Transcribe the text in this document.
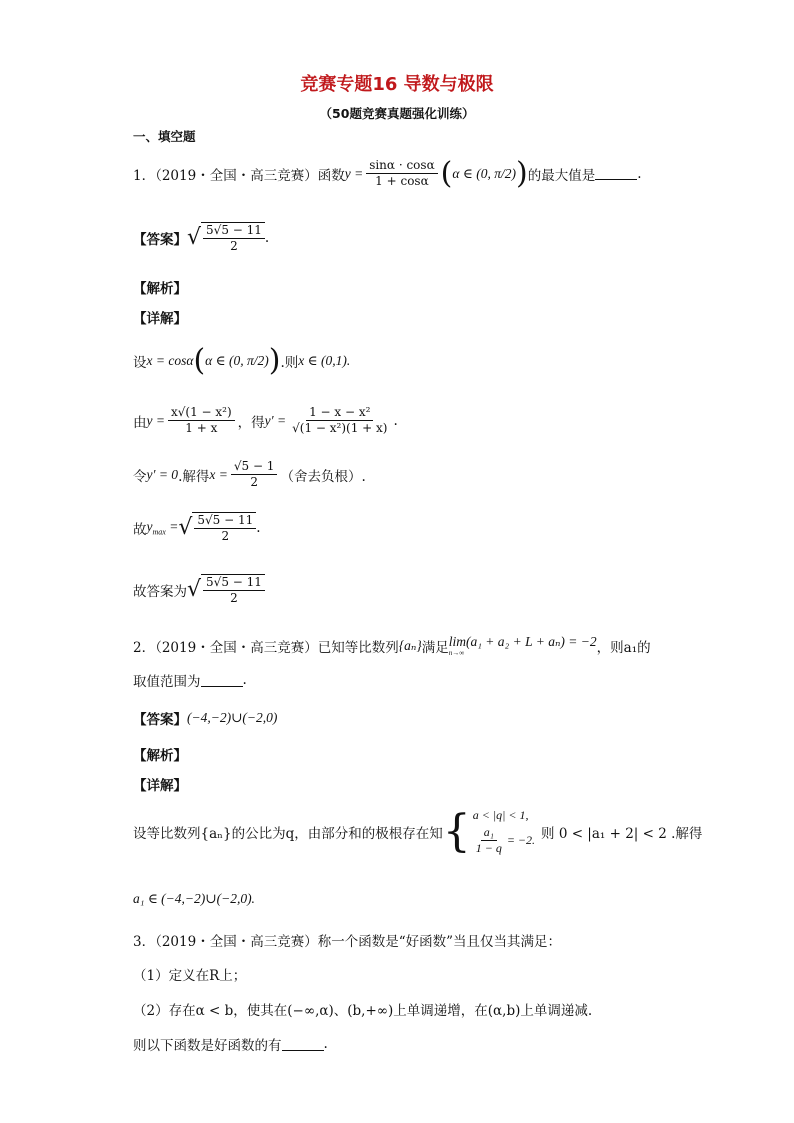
竞赛专题16 导数与极限
（50题竞赛真题强化训练）
一、填空题
1．（2019・全国・高三竞赛）函数 $y = \frac{\sin\alpha \cdot \cos\alpha}{1 + \cos\alpha}$ ( α ∈ (0, π/2) ) 的最大值是	.
【答案】 √ $\frac{5√5 - 11}{2}$ .
【解析】
【详解】
设 x = cosα ( α ∈ (0, π/2) ) .则 x ∈ (0,1).
由 $y = \frac{\text{x√(1 − x²)}}{1 + x}$ ，得 $y' = \frac{\text{1 − x − x²}}{\text{√(1 − x²)(1 + x)}}$ .
令 y′ = 0 .解得 $x = \frac{√5 - 1}{2}$ （舍去负根）.
故 $y_{max}$ = √ $\frac{5√5 - 11}{2}$ .
故答案为 √ $\frac{5√5 - 11}{2}$
2．（2019・全国・高三竞赛）已知等比数列 {aₙ} 满足 lim(a₁ + a₂ + L + aₙ) = −2
n→∞	，则a₁的
取值范围为	.
【答案】 (−4,−2)∪(−2,0)
【解析】
【详解】
设等比数列{aₙ}的公比为q，由部分和的极根存在知 { a < |q| < 1,
$\frac{\text{a₁}}{1 - q} = -2$. 则 0 < |a₁ + 2| < 2 .解得
a₁ ∈ (−4,−2)∪(−2,0).
3．（2019・全国・高三竞赛）称一个函数是“好函数”当且仅当其满足：
（1）定义在R上；
（2）存在α < b，使其在(−∞,α)、(b,+∞)上单调递增，在(α,b)上单调递减.
则以下函数是好函数的有	.
